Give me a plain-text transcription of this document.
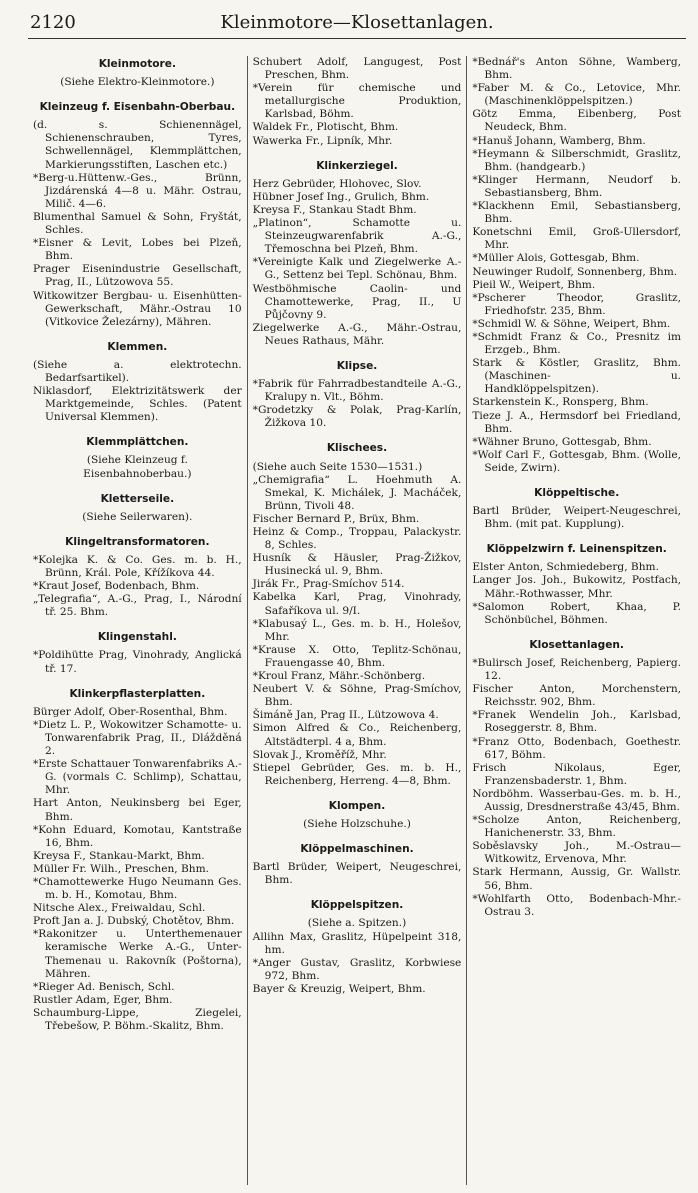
2120	Kleinmotore—Klosettanlagen.
Kleinmotore.

(Siehe Elektro-Kleinmotore.)

Kleinzeug f. Eisenbahn-Oberbau.

(d. s. Schienennägel, Schienenschrauben, Tyres, Schwellennägel, Klemmplättchen, Markierungsstiften, Laschen etc.)

*Berg-u.Hüttenw.-Ges., Brünn, Jizdárenská 4—8 u. Mähr. Ostrau, Milič. 4—6.

Blumenthal Samuel & Sohn, Fryštát, Schles.

*Eisner & Levit, Lobes bei Plzeň, Bhm.

Prager Eisenindustrie Gesellschaft, Prag, II., Lützowova 55.

Witkowitzer Bergbau- u. Eisenhütten-Gewerkschaft, Mähr.-Ostrau 10 (Vitkovice Železárny), Mähren.

Klemmen.

(Siehe a. elektrotechn. Bedarfsartikel).

Niklasdorf, Elektrizitätswerk der Marktgemeinde, Schles. (Patent Universal Klemmen).

Klemmplättchen.

(Siehe Kleinzeug f. Eisenbahnoberbau.)

Kletterseile.

(Siehe Seilerwaren).

Klingeltransformatoren.

*Kolejka K. & Co. Ges. m. b. H., Brünn, Král. Pole, Křížíkova 44.

*Kraut Josef, Bodenbach, Bhm.

„Telegrafia“, A.-G., Prag, I., Národní tř. 25. Bhm.

Klingenstahl.

*Poldihütte Prag, Vinohrady, Anglická tř. 17.

Klinkerpflasterplatten.

Bürger Adolf, Ober-Rosenthal, Bhm.

*Dietz L. P., Wokowitzer Schamotte- u. Tonwarenfabrik Prag, II., Dlážděná 2.

*Erste Schattauer Tonwarenfabriks A.-G. (vormals C. Schlimp), Schattau, Mhr.

Hart Anton, Neukinsberg bei Eger, Bhm.

*Kohn Eduard, Komotau, Kantstraße 16, Bhm.

Kreysa F., Stankau-Markt, Bhm.

Müller Fr. Wilh., Preschen, Bhm.

*Chamottewerke Hugo Neumann Ges. m. b. H., Komotau, Bhm.

Nitsche Alex., Freiwaldau, Schl.

Proft Jan a. J. Dubský, Chotětov, Bhm.

*Rakonitzer u. Unterthemenauer keramische Werke A.-G., Unter-Themenau u. Rakovník (Poštorna), Mähren.

*Rieger Ad. Benisch, Schl.

Rustler Adam, Eger, Bhm.

Schaumburg-Lippe, Ziegelei, Třebešow, P. Böhm.-Skalitz, Bhm.

Schubert Adolf, Langugest, Post Preschen, Bhm.

*Verein für chemische und metallurgische Produktion, Karlsbad, Böhm.

Waldek Fr., Plotischt, Bhm.

Wawerka Fr., Lipník, Mhr.

Klinkerziegel.

Herz Gebrüder, Hlohovec, Slov.

Hübner Josef Ing., Grulich, Bhm.

Kreysa F., Stankau Stadt Bhm.

„Platinon“, Schamotte u. Steinzeugwarenfabrik A.-G., Třemoschna bei Plzeň, Bhm.

*Vereinigte Kalk und Ziegelwerke A.-G., Settenz bei Tepl. Schönau, Bhm.

Westböhmische Caolin- und Chamottewerke, Prag, II., U Půjčovny 9.

Ziegelwerke A.-G., Mähr.-Ostrau, Neues Rathaus, Mähr.

Klipse.

*Fabrik für Fahrradbestandteile A.-G., Kralupy n. Vlt., Böhm.

*Grodetzky & Polak, Prag-Karlín, Žižkova 10.

Klischees.

(Siehe auch Seite 1530—1531.)

„Chemigrafia“ L. Hoehmuth A. Smekal, K. Michálek, J. Macháček, Brünn, Tivoli 48.

Fischer Bernard P., Brüx, Bhm.

Heinz & Comp., Troppau, Palackystr. 8, Schles.

Husník & Häusler, Prag-Žižkov, Husinecká ul. 9, Bhm.

Jirák Fr., Prag-Smíchov 514.

Kabelka Karl, Prag, Vinohrady, Safaříkova ul. 9/I.

*Klabusaý L., Ges. m. b. H., Holešov, Mhr.

*Krause X. Otto, Teplitz-Schönau, Frauengasse 40, Bhm.

*Kroul Franz, Mähr.-Schönberg.

Neubert V. & Söhne, Prag-Smíchov, Bhm.

Šimáně Jan, Prag II., Lützowova 4.

Simon Alfred & Co., Reichenberg, Altstädterpl. 4 a, Bhm.

Slovak J., Kroměříž, Mhr.

Stiepel Gebrüder, Ges. m. b. H., Reichenberg, Herreng. 4—8, Bhm.

Klompen.

(Siehe Holzschuhe.)

Klöppelmaschinen.

Bartl Brüder, Weipert, Neugeschrei, Bhm.

Klöppelspitzen.

(Siehe a. Spitzen.)

Allihn Max, Graslitz, Hüpelpeint 318, hm.

*Anger Gustav, Graslitz, Korbwiese 972, Bhm.

Bayer & Kreuzig, Weipert, Bhm.

*Bednář's Anton Söhne, Wamberg, Bhm.

*Faber M. & Co., Letovice, Mhr. (Maschinenklöppelspitzen.)

Götz Emma, Eibenberg, Post Neudeck, Bhm.

*Hanuš Johann, Wamberg, Bhm.

*Heymann & Silberschmidt, Graslitz, Bhm. (handgearb.)

*Klinger Hermann, Neudorf b. Sebastiansberg, Bhm.

*Klackhenn Emil, Sebastiansberg, Bhm.

Konetschni Emil, Groß-Ullersdorf, Mhr.

*Müller Alois, Gottesgab, Bhm.

Neuwinger Rudolf, Sonnenberg, Bhm.

Pieil W., Weipert, Bhm.

*Pscherer Theodor, Graslitz, Friedhofstr. 235, Bhm.

*Schmidl W. & Söhne, Weipert, Bhm.

*Schmidt Franz & Co., Presnitz im Erzgeb., Bhm.

Stark & Köstler, Graslitz, Bhm. (Maschinen- u. Handklöppelspitzen).

Starkenstein K., Ronsperg, Bhm.

Tieze J. A., Hermsdorf bei Friedland, Bhm.

*Wähner Bruno, Gottesgab, Bhm.

*Wolf Carl F., Gottesgab, Bhm. (Wolle, Seide, Zwirn).

Klöppeltische.

Bartl Brüder, Weipert-Neugeschrei, Bhm. (mit pat. Kupplung).

Klöppelzwirn f. Leinenspitzen.

Elster Anton, Schmiedeberg, Bhm.

Langer Jos. Joh., Bukowitz, Postfach, Mähr.-Rothwasser, Mhr.

*Salomon Robert, Khaa, P. Schönbüchel, Böhmen.

Klosettanlagen.

*Bulirsch Josef, Reichenberg, Papierg. 12.

Fischer Anton, Morchenstern, Reichsstr. 902, Bhm.

*Franek Wendelin Joh., Karlsbad, Roseggerstr. 8, Bhm.

*Franz Otto, Bodenbach, Goethestr. 617, Böhm.

Frisch Nikolaus, Eger, Franzensbaderstr. 1, Bhm.

Nordböhm. Wasserbau-Ges. m. b. H., Aussig, Dresdnerstraße 43/45, Bhm.

*Scholze Anton, Reichenberg, Hanichenerstr. 33, Bhm.

Soběslavsky Joh., M.-Ostrau—Witkowitz, Ervenova, Mhr.

Stark Hermann, Aussig, Gr. Wallstr. 56, Bhm.

*Wohlfarth Otto, Bodenbach-Mhr.-Ostrau 3.
